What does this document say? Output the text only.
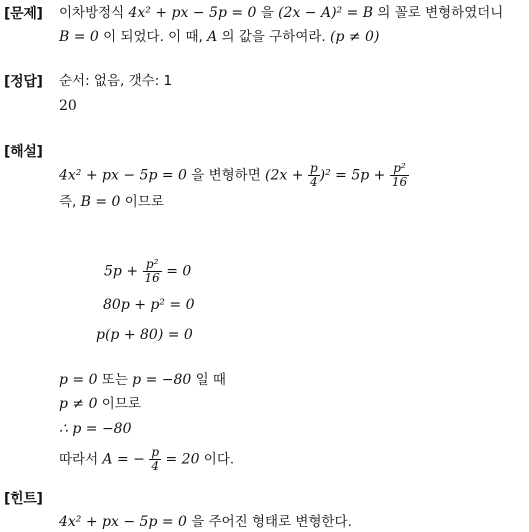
[문제] 이차방정식 4x² + px − 5p = 0 을 (2x − A)² = B 의 꼴로 변형하였더니
B = 0 이 되었다. 이 때, A 의 값을 구하여라. (p ≠ 0)
[정답] 순서: 없음, 갯수: 1
20
[해설]
4x² + px − 5p = 0 을 변형하면 $(2x + \frac{p}{4} )^2 = 5p + \frac{\text{p²}}{16}$
즉, B = 0 이므로
$5p + \frac{\text{p²}}{16} = 0$
80p + p² = 0
p(p + 80) = 0
p = 0 또는 p = −80 일 때
p ≠ 0 이므로
∴ p = −80
따라서 A = − $\frac{p}{4} = 20$ 이다.
[힌트]
4x² + px − 5p = 0 을 주어진 형태로 변형한다.
